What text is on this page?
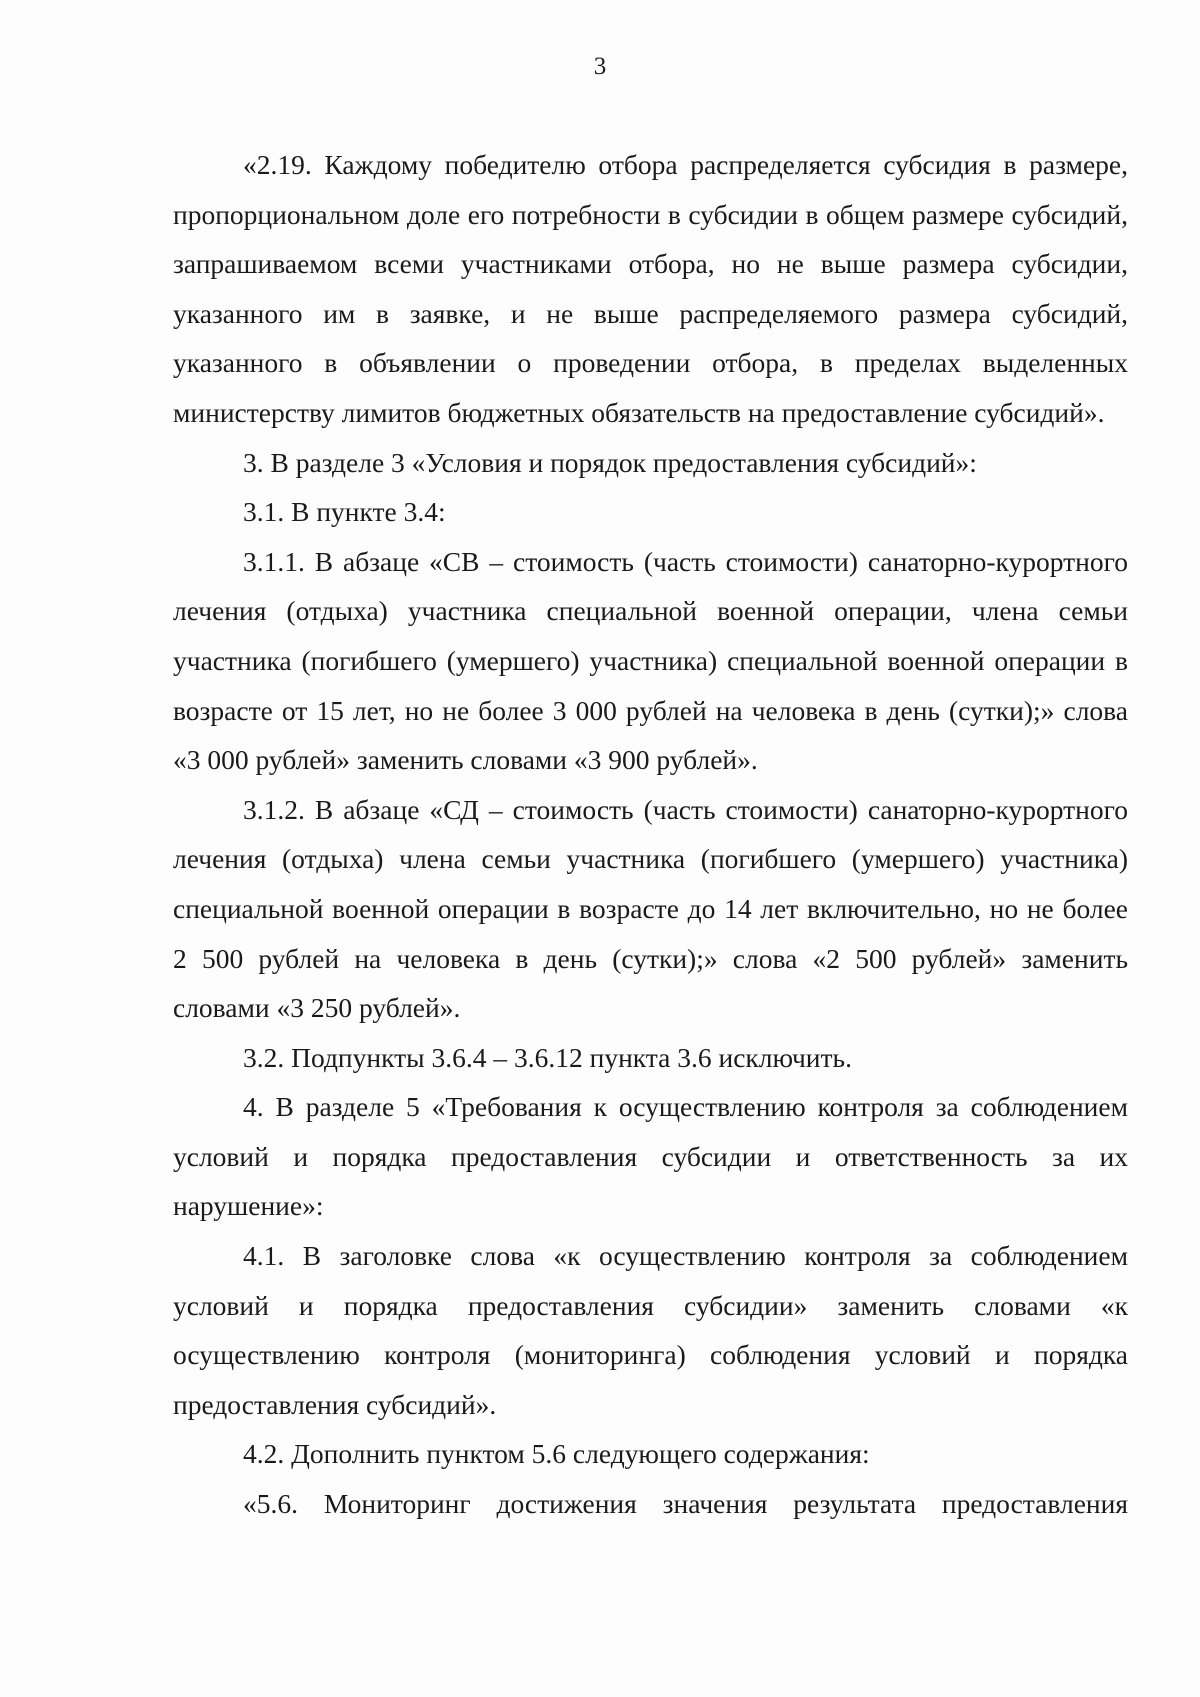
3

«2.19. Каждому победителю отбора распределяется субсидия в размере, пропорциональном доле его потребности в субсидии в общем размере субсидий, запрашиваемом всеми участниками отбора, но не выше размера субсидии, указанного им в заявке, и не выше распределяемого размера субсидий, указанного в объявлении о проведении отбора, в пределах выделенных министерству лимитов бюджетных обязательств на предоставление субсидий».

3. В разделе 3 «Условия и порядок предоставления субсидий»:

3.1. В пункте 3.4:

3.1.1. В абзаце «СВ – стоимость (часть стоимости) санаторно-курортного лечения (отдыха) участника специальной военной операции, члена семьи участника (погибшего (умершего) участника) специальной военной операции в возрасте от 15 лет, но не более 3 000 рублей на человека в день (сутки);» слова «3 000 рублей» заменить словами «3 900 рублей».

3.1.2. В абзаце «СД – стоимость (часть стоимости) санаторно-курортного лечения (отдыха) члена семьи участника (погибшего (умершего) участника) специальной военной операции в возрасте до 14 лет включительно, но не более 2 500 рублей на человека в день (сутки);» слова «2 500 рублей» заменить словами «3 250 рублей».

3.2. Подпункты 3.6.4 – 3.6.12 пункта 3.6 исключить.

4. В разделе 5 «Требования к осуществлению контроля за соблюдением условий и порядка предоставления субсидии и ответственность за их нарушение»:

4.1. В заголовке слова «к осуществлению контроля за соблюдением условий и порядка предоставления субсидии» заменить словами «к осуществлению контроля (мониторинга) соблюдения условий и порядка предоставления субсидий».

4.2. Дополнить пунктом 5.6 следующего содержания:

«5.6. Мониторинг достижения значения результата предоставления
